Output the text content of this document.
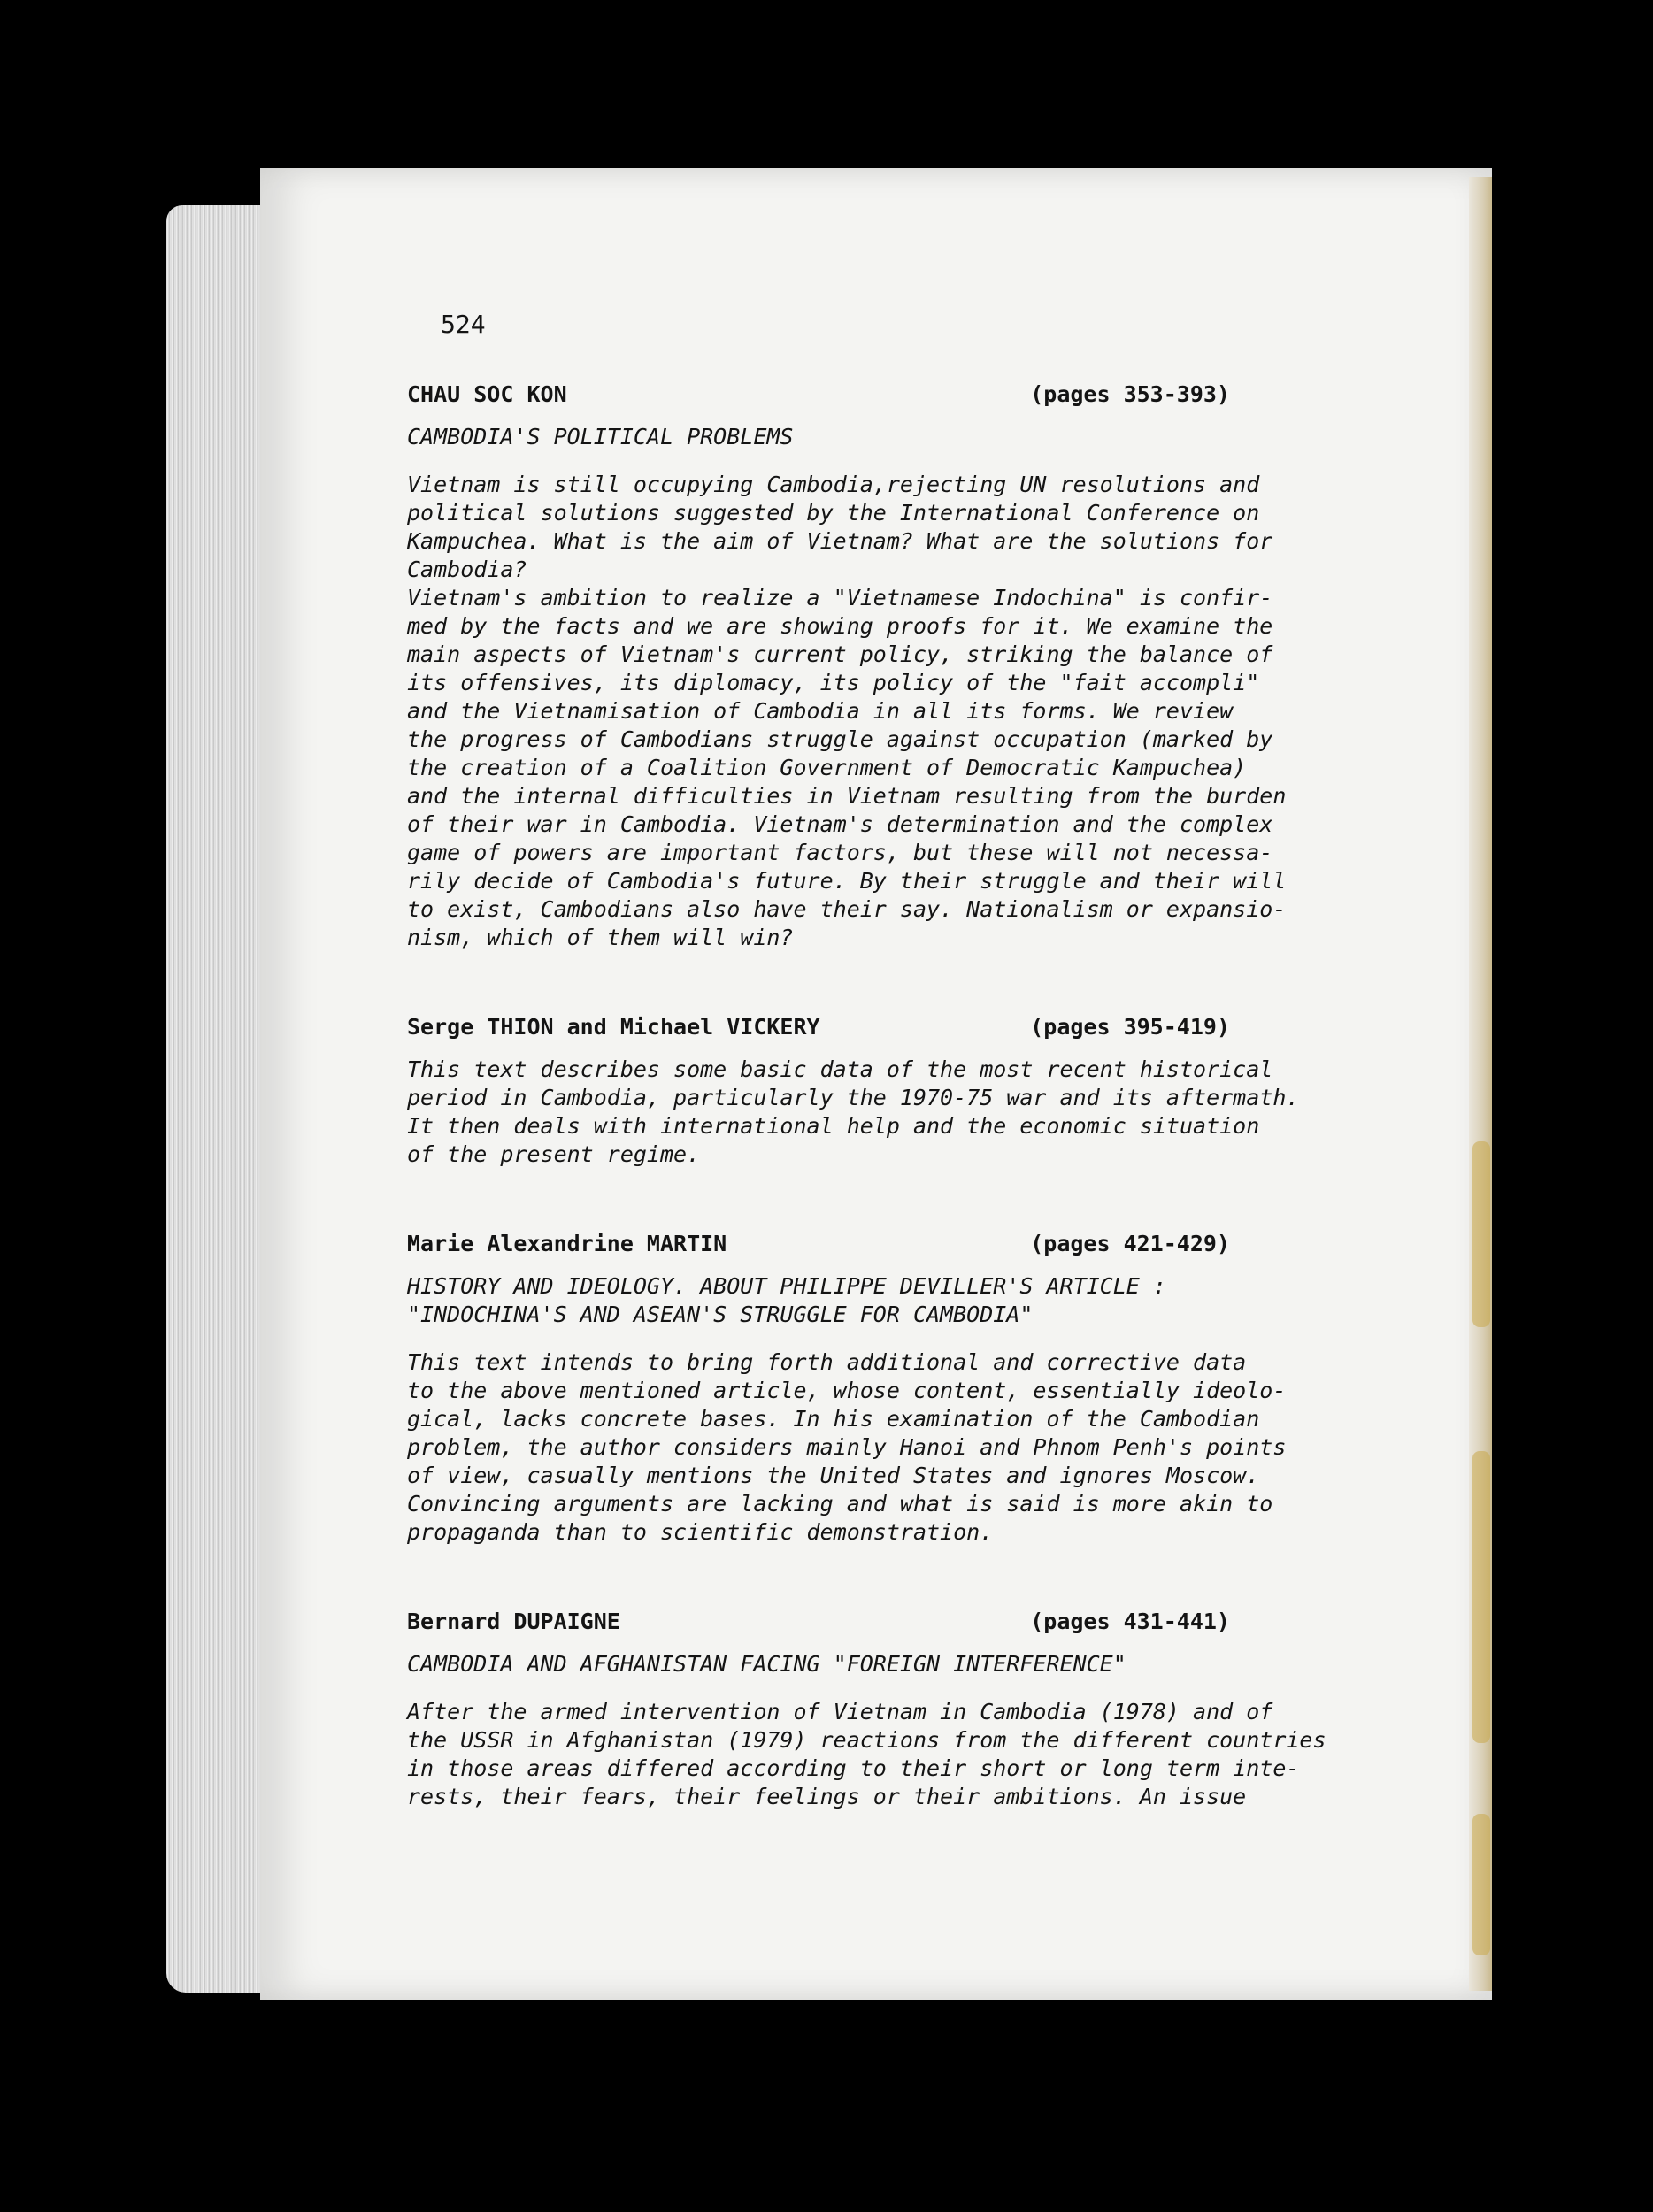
524
CHAU SOC KON	(pages 353-393)
CAMBODIA'S POLITICAL PROBLEMS
Vietnam is still occupying Cambodia,rejecting UN resolutions and
political solutions suggested by the International Conference on
Kampuchea. What is the aim of Vietnam? What are the solutions for
Cambodia?
Vietnam's ambition to realize a "Vietnamese Indochina" is confir-
med by the facts and we are showing proofs for it. We examine the
main aspects of Vietnam's current policy, striking the balance of
its offensives, its diplomacy, its policy of the "fait accompli"
and the Vietnamisation of Cambodia in all its forms. We review
the progress of Cambodians struggle against occupation (marked by
the creation of a Coalition Government of Democratic Kampuchea)
and the internal difficulties in Vietnam resulting from the burden
of their war in Cambodia. Vietnam's determination and the complex
game of powers are important factors, but these will not necessa-
rily decide of Cambodia's future. By their struggle and their will
to exist, Cambodians also have their say. Nationalism or expansio-
nism, which of them will win?
Serge THION and Michael VICKERY	(pages 395-419)
This text describes some basic data of the most recent historical
period in Cambodia, particularly the 1970-75 war and its aftermath.
It then deals with international help and the economic situation
of the present regime.
Marie Alexandrine MARTIN	(pages 421-429)
HISTORY AND IDEOLOGY. ABOUT PHILIPPE DEVILLER'S ARTICLE :
"INDOCHINA'S AND ASEAN'S STRUGGLE FOR CAMBODIA"
This text intends to bring forth additional and corrective data
to the above mentioned article, whose content, essentially ideolo-
gical, lacks concrete bases. In his examination of the Cambodian
problem, the author considers mainly Hanoi and Phnom Penh's points
of view, casually mentions the United States and ignores Moscow.
Convincing arguments are lacking and what is said is more akin to
propaganda than to scientific demonstration.
Bernard DUPAIGNE	(pages 431-441)
CAMBODIA AND AFGHANISTAN FACING "FOREIGN INTERFERENCE"
After the armed intervention of Vietnam in Cambodia (1978) and of
the USSR in Afghanistan (1979) reactions from the different countries
in those areas differed according to their short or long term inte-
rests, their fears, their feelings or their ambitions. An issue
